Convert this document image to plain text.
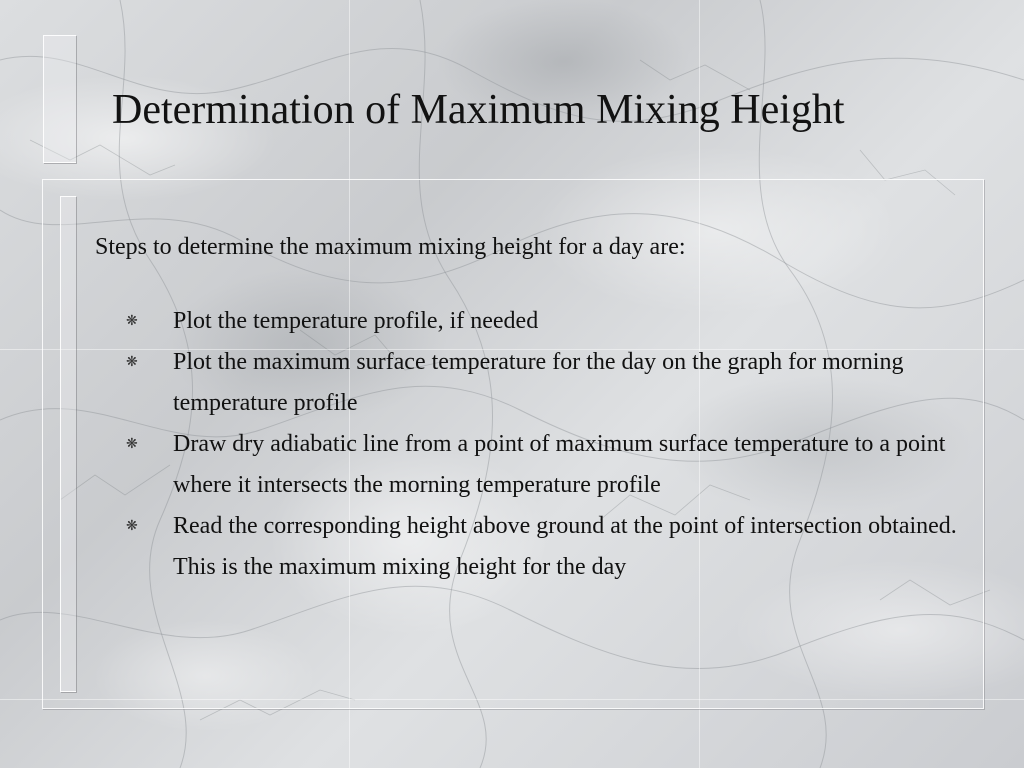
Determination of Maximum Mixing Height

Steps to determine the maximum mixing height for a day are:

❋ Plot the temperature profile, if needed
❋ Plot the maximum surface temperature for the day on the graph for morning temperature profile
❋ Draw dry adiabatic line from a point of maximum surface temperature to a point where it intersects the morning temperature profile
❋ Read the corresponding height above ground at the point of intersection obtained. This is the maximum mixing height for the day
